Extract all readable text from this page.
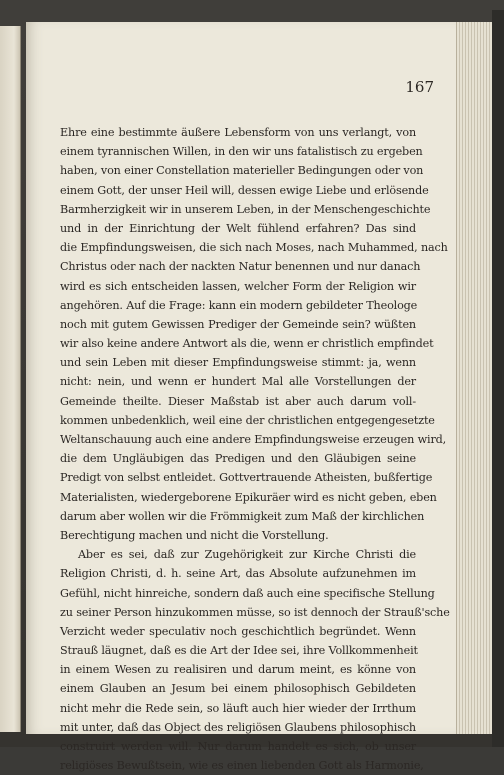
167
Ehre eine bestimmte äußere Lebensform von uns verlangt, von
einem tyrannischen Willen, in den wir uns fatalistisch zu ergeben
haben, von einer Constellation materieller Bedingungen oder von
einem Gott, der unser Heil will, dessen ewige Liebe und erlösende
Barmherzigkeit wir in unserem Leben, in der Menschengeschichte
und in der Einrichtung der Welt fühlend erfahren? Das sind
die Empfindungsweisen, die sich nach Moses, nach Muhammed, nach
Christus oder nach der nackten Natur benennen und nur danach
wird es sich entscheiden lassen, welcher Form der Religion wir
angehören. Auf die Frage: kann ein modern gebildeter Theologe
noch mit gutem Gewissen Prediger der Gemeinde sein? wüßten
wir also keine andere Antwort als die, wenn er christlich empfindet
und sein Leben mit dieser Empfindungsweise stimmt: ja, wenn
nicht: nein, und wenn er hundert Mal alle Vorstellungen der
Gemeinde theilte. Dieser Maßstab ist aber auch darum voll-
kommen unbedenklich, weil eine der christlichen entgegengesetzte
Weltanschauung auch eine andere Empfindungsweise erzeugen wird,
die dem Ungläubigen das Predigen und den Gläubigen seine
Predigt von selbst entleidet. Gottvertrauende Atheisten, bußfertige
Materialisten, wiedergeborene Epikuräer wird es nicht geben, eben
darum aber wollen wir die Frömmigkeit zum Maß der kirchlichen
Berechtigung machen und nicht die Vorstellung.
Aber es sei, daß zur Zugehörigkeit zur Kirche Christi die
Religion Christi, d. h. seine Art, das Absolute aufzunehmen im
Gefühl, nicht hinreiche, sondern daß auch eine specifische Stellung
zu seiner Person hinzukommen müsse, so ist dennoch der Strauß'sche
Verzicht weder speculativ noch geschichtlich begründet. Wenn
Strauß läugnet, daß es die Art der Idee sei, ihre Vollkommenheit
in einem Wesen zu realisiren und darum meint, es könne von
einem Glauben an Jesum bei einem philosophisch Gebildeten
nicht mehr die Rede sein, so läuft auch hier wieder der Irrthum
mit unter, daß das Object des religiösen Glaubens philosophisch
construirt werden will. Nur darum handelt es sich, ob unser
religiöses Bewußtsein, wie es einen liebenden Gott als Harmonie,
